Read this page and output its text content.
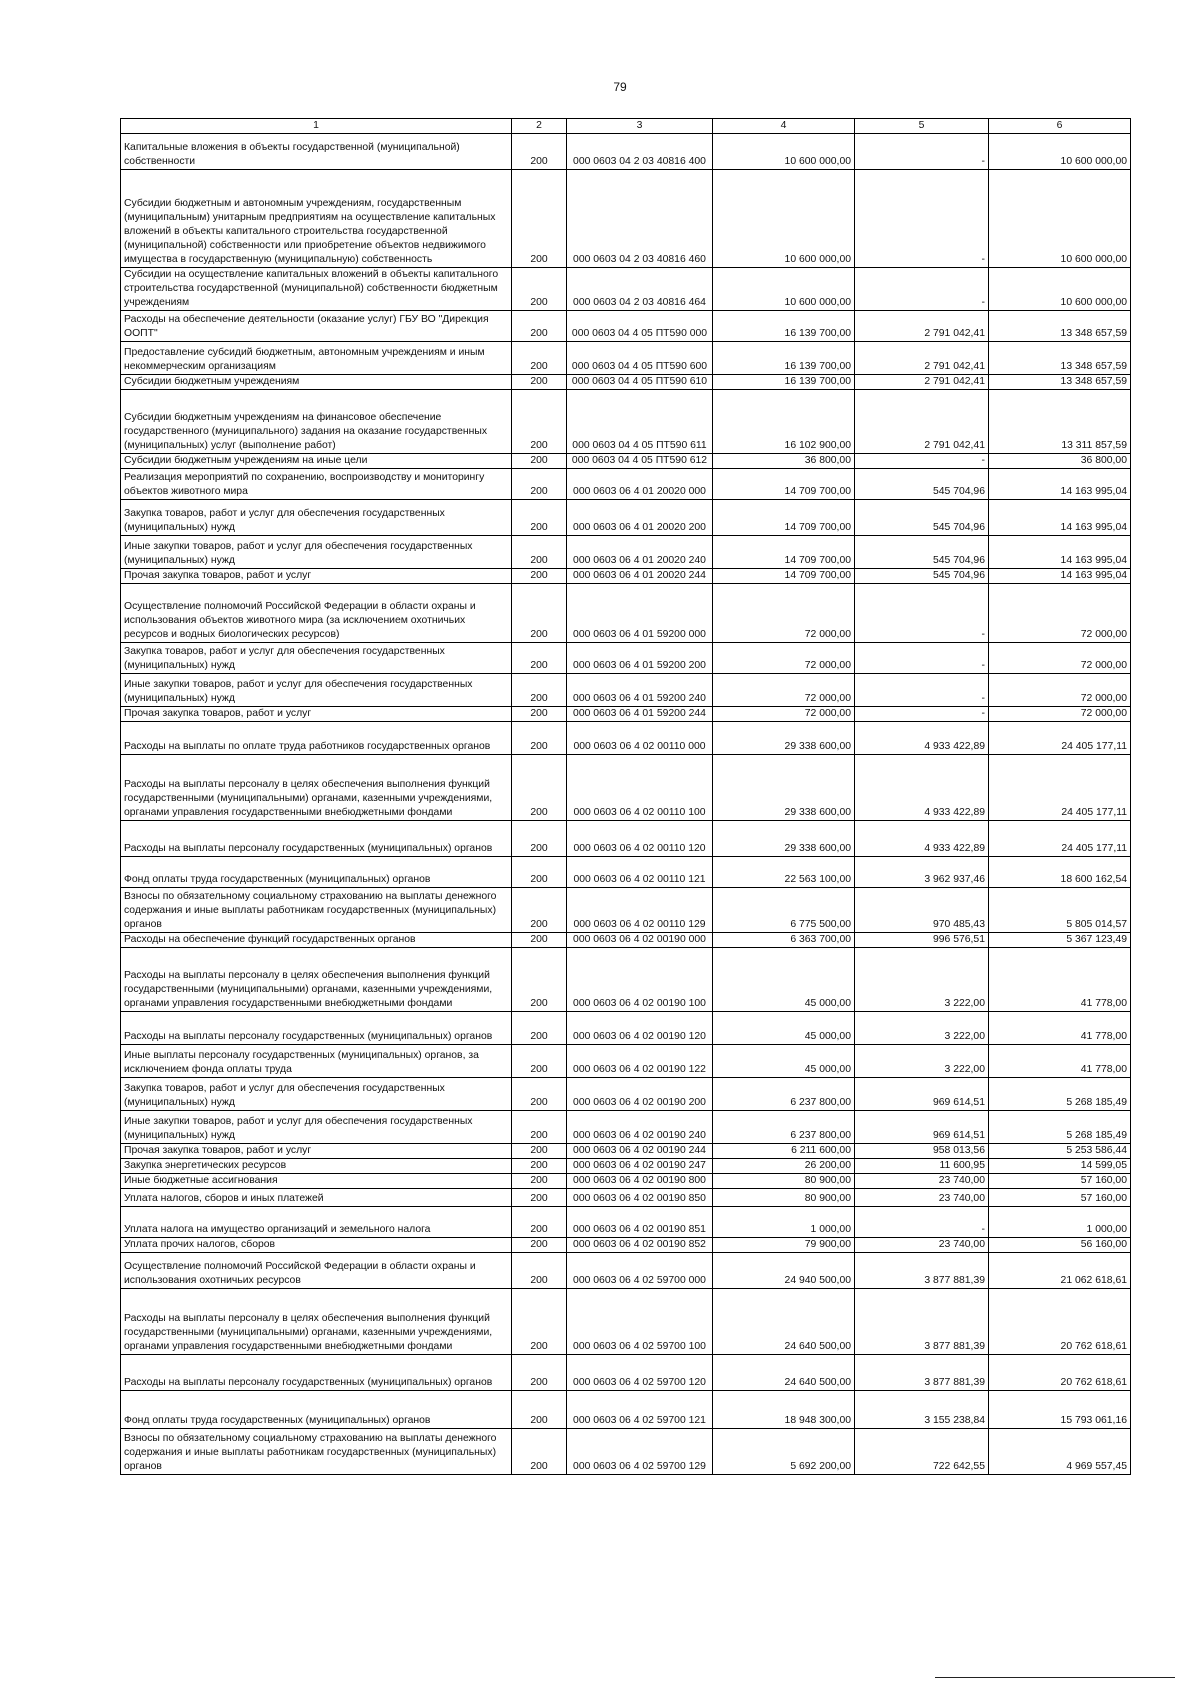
79
1	2	3	4	5	6
Капитальные вложения в объекты государственной (муниципальной) собственности	200	000 0603 04 2 03 40816 400	10 600 000,00	-	10 600 000,00
Субсидии бюджетным и автономным учреждениям, государственным (муниципальным) унитарным предприятиям на осуществление капитальных вложений в объекты капитального строительства государственной (муниципальной) собственности или приобретение объектов недвижимого имущества в государственную (муниципальную) собственность	200	000 0603 04 2 03 40816 460	10 600 000,00	-	10 600 000,00
Субсидии на осуществление капитальных вложений в объекты капитального строительства государственной (муниципальной) собственности бюджетным учреждениям	200	000 0603 04 2 03 40816 464	10 600 000,00	-	10 600 000,00
Расходы на обеспечение деятельности (оказание услуг) ГБУ ВО "Дирекция ООПТ"	200	000 0603 04 4 05 ПТ590 000	16 139 700,00	2 791 042,41	13 348 657,59
Предоставление субсидий бюджетным, автономным учреждениям и иным некоммерческим организациям	200	000 0603 04 4 05 ПТ590 600	16 139 700,00	2 791 042,41	13 348 657,59
Субсидии бюджетным учреждениям	200	000 0603 04 4 05 ПТ590 610	16 139 700,00	2 791 042,41	13 348 657,59
Субсидии бюджетным учреждениям на финансовое обеспечение государственного (муниципального) задания на оказание государственных (муниципальных) услуг (выполнение работ)	200	000 0603 04 4 05 ПТ590 611	16 102 900,00	2 791 042,41	13 311 857,59
Субсидии бюджетным учреждениям на иные цели	200	000 0603 04 4 05 ПТ590 612	36 800,00	-	36 800,00
Реализация мероприятий по сохранению, воспроизводству и мониторингу объектов животного мира	200	000 0603 06 4 01 20020 000	14 709 700,00	545 704,96	14 163 995,04
Закупка товаров, работ и услуг для обеспечения государственных (муниципальных) нужд	200	000 0603 06 4 01 20020 200	14 709 700,00	545 704,96	14 163 995,04
Иные закупки товаров, работ и услуг для обеспечения государственных (муниципальных) нужд	200	000 0603 06 4 01 20020 240	14 709 700,00	545 704,96	14 163 995,04
Прочая закупка товаров, работ и услуг	200	000 0603 06 4 01 20020 244	14 709 700,00	545 704,96	14 163 995,04
Осуществление полномочий Российской Федерации в области охраны и использования объектов животного мира (за исключением охотничьих ресурсов и водных биологических ресурсов)	200	000 0603 06 4 01 59200 000	72 000,00	-	72 000,00
Закупка товаров, работ и услуг для обеспечения государственных (муниципальных) нужд	200	000 0603 06 4 01 59200 200	72 000,00	-	72 000,00
Иные закупки товаров, работ и услуг для обеспечения государственных (муниципальных) нужд	200	000 0603 06 4 01 59200 240	72 000,00	-	72 000,00
Прочая закупка товаров, работ и услуг	200	000 0603 06 4 01 59200 244	72 000,00	-	72 000,00
Расходы на выплаты по оплате труда работников государственных органов	200	000 0603 06 4 02 00110 000	29 338 600,00	4 933 422,89	24 405 177,11
Расходы на выплаты персоналу в целях обеспечения выполнения функций государственными (муниципальными) органами, казенными учреждениями, органами управления государственными внебюджетными фондами	200	000 0603 06 4 02 00110 100	29 338 600,00	4 933 422,89	24 405 177,11
Расходы на выплаты персоналу государственных (муниципальных) органов	200	000 0603 06 4 02 00110 120	29 338 600,00	4 933 422,89	24 405 177,11
Фонд оплаты труда государственных (муниципальных) органов	200	000 0603 06 4 02 00110 121	22 563 100,00	3 962 937,46	18 600 162,54
Взносы по обязательному социальному страхованию на выплаты денежного содержания и иные выплаты работникам государственных (муниципальных) органов	200	000 0603 06 4 02 00110 129	6 775 500,00	970 485,43	5 805 014,57
Расходы на обеспечение функций государственных органов	200	000 0603 06 4 02 00190 000	6 363 700,00	996 576,51	5 367 123,49
Расходы на выплаты персоналу в целях обеспечения выполнения функций государственными (муниципальными) органами, казенными учреждениями, органами управления государственными внебюджетными фондами	200	000 0603 06 4 02 00190 100	45 000,00	3 222,00	41 778,00
Расходы на выплаты персоналу государственных (муниципальных) органов	200	000 0603 06 4 02 00190 120	45 000,00	3 222,00	41 778,00
Иные выплаты персоналу государственных (муниципальных) органов, за исключением фонда оплаты труда	200	000 0603 06 4 02 00190 122	45 000,00	3 222,00	41 778,00
Закупка товаров, работ и услуг для обеспечения государственных (муниципальных) нужд	200	000 0603 06 4 02 00190 200	6 237 800,00	969 614,51	5 268 185,49
Иные закупки товаров, работ и услуг для обеспечения государственных (муниципальных) нужд	200	000 0603 06 4 02 00190 240	6 237 800,00	969 614,51	5 268 185,49
Прочая закупка товаров, работ и услуг	200	000 0603 06 4 02 00190 244	6 211 600,00	958 013,56	5 253 586,44
Закупка энергетических ресурсов	200	000 0603 06 4 02 00190 247	26 200,00	11 600,95	14 599,05
Иные бюджетные ассигнования	200	000 0603 06 4 02 00190 800	80 900,00	23 740,00	57 160,00
Уплата налогов, сборов и иных платежей	200	000 0603 06 4 02 00190 850	80 900,00	23 740,00	57 160,00
Уплата налога на имущество организаций и земельного налога	200	000 0603 06 4 02 00190 851	1 000,00	-	1 000,00
Уплата прочих налогов, сборов	200	000 0603 06 4 02 00190 852	79 900,00	23 740,00	56 160,00
Осуществление полномочий Российской Федерации в области охраны и использования охотничьих ресурсов	200	000 0603 06 4 02 59700 000	24 940 500,00	3 877 881,39	21 062 618,61
Расходы на выплаты персоналу в целях обеспечения выполнения функций государственными (муниципальными) органами, казенными учреждениями, органами управления государственными внебюджетными фондами	200	000 0603 06 4 02 59700 100	24 640 500,00	3 877 881,39	20 762 618,61
Расходы на выплаты персоналу государственных (муниципальных) органов	200	000 0603 06 4 02 59700 120	24 640 500,00	3 877 881,39	20 762 618,61
Фонд оплаты труда государственных (муниципальных) органов	200	000 0603 06 4 02 59700 121	18 948 300,00	3 155 238,84	15 793 061,16
Взносы по обязательному социальному страхованию на выплаты денежного содержания и иные выплаты работникам государственных (муниципальных) органов	200	000 0603 06 4 02 59700 129	5 692 200,00	722 642,55	4 969 557,45
